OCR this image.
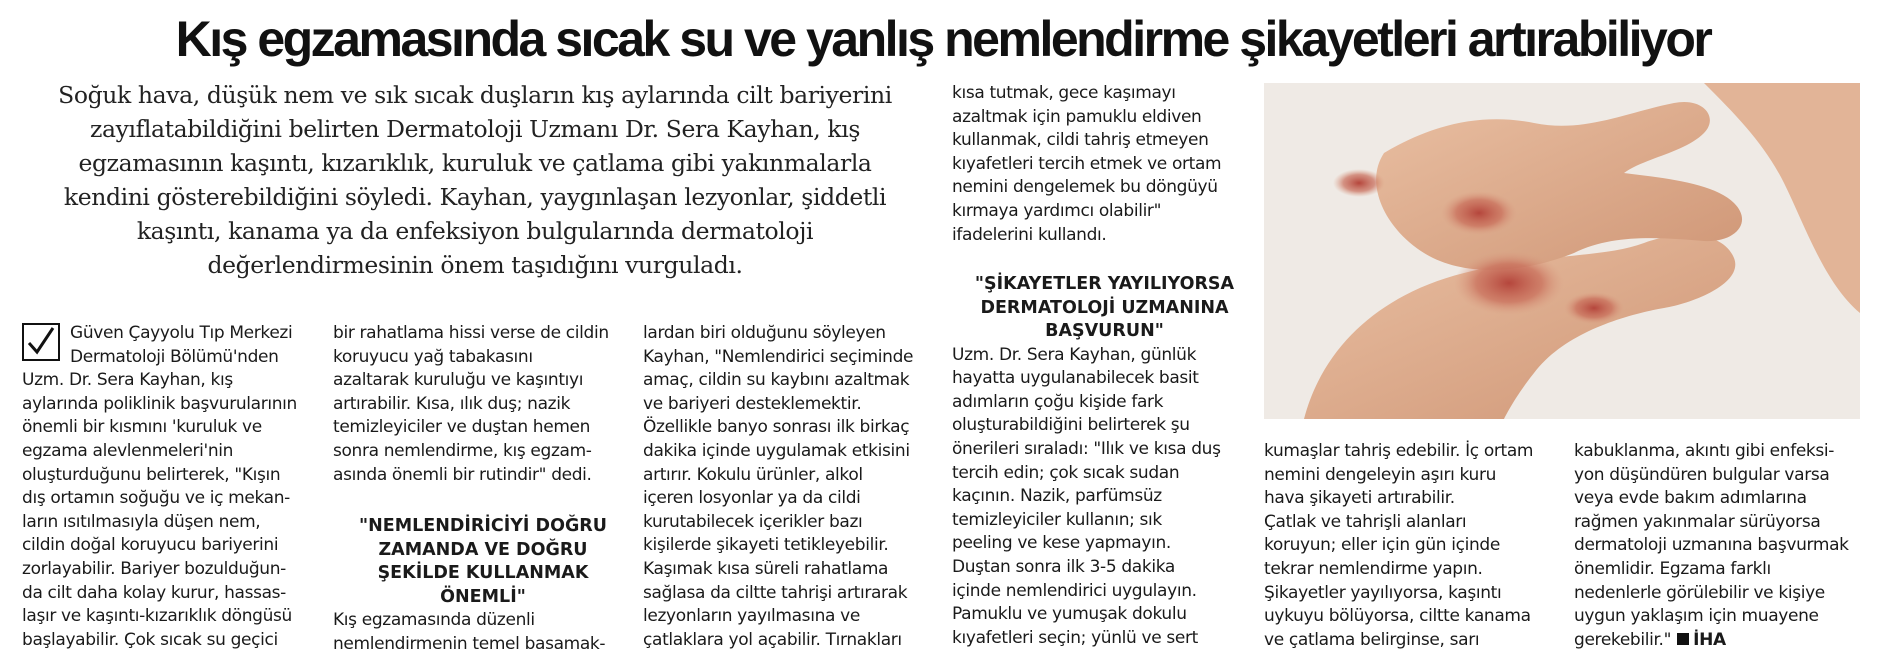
Kış egzamasında sıcak su ve yanlış nemlendirme şikayetleri artırabiliyor
Soğuk hava, düşük nem ve sık sıcak duşların kış aylarında cilt bariyerini zayıflatabildiğini belirten Dermatoloji Uzmanı Dr. Sera Kayhan, kış egzamasının kaşıntı, kızarıklık, kuruluk ve çatlama gibi yakınmalarla kendini gösterebildiğini söyledi. Kayhan, yaygınlaşan lezyonlar, şiddetli kaşıntı, kanama ya da enfeksiyon bulgularında dermatoloji değerlendirmesinin önem taşıdığını vurguladı.

Güven Çayyolu Tıp Merkezi

Dermatoloji Bölümü'nden

Uzm. Dr. Sera Kayhan, kış

aylarında poliklinik başvurularının

önemli bir kısmını 'kuruluk ve

egzama alevlenmeleri'nin

oluşturduğunu belirterek, "Kışın

dış ortamın soğuğu ve iç mekan-

ların ısıtılmasıyla düşen nem,

cildin doğal koruyucu bariyerini

zorlayabilir. Bariyer bozulduğun-

da cilt daha kolay kurur, hassas-

laşır ve kaşıntı-kızarıklık döngüsü

başlayabilir. Çok sıcak su geçici

bir rahatlama hissi verse de cildin

koruyucu yağ tabakasını

azaltarak kuruluğu ve kaşıntıyı

artırabilir. Kısa, ılık duş; nazik

temizleyiciler ve duştan hemen

sonra nemlendirme, kış egzam-

asında önemli bir rutindir" dedi.

"NEMLENDİRİCİYİ DOĞRU

ZAMANDA VE DOĞRU

ŞEKİLDE KULLANMAK

ÖNEMLİ"

Kış egzamasında düzenli

nemlendirmenin temel basamak-

lardan biri olduğunu söyleyen

Kayhan, "Nemlendirici seçiminde

amaç, cildin su kaybını azaltmak

ve bariyeri desteklemektir.

Özellikle banyo sonrası ilk birkaç

dakika içinde uygulamak etkisini

artırır. Kokulu ürünler, alkol

içeren losyonlar ya da cildi

kurutabilecek içerikler bazı

kişilerde şikayeti tetikleyebilir.

Kaşımak kısa süreli rahatlama

sağlasa da ciltte tahrişi artırarak

lezyonların yayılmasına ve

çatlaklara yol açabilir. Tırnakları

kısa tutmak, gece kaşımayı

azaltmak için pamuklu eldiven

kullanmak, cildi tahriş etmeyen

kıyafetleri tercih etmek ve ortam

nemini dengelemek bu döngüyü

kırmaya yardımcı olabilir"

ifadelerini kullandı.

"ŞİKAYETLER YAYILIYORSA

DERMATOLOJİ UZMANINA

BAŞVURUN"

Uzm. Dr. Sera Kayhan, günlük

hayatta uygulanabilecek basit

adımların çoğu kişide fark

oluşturabildiğini belirterek şu

önerileri sıraladı: "Ilık ve kısa duş

tercih edin; çok sıcak sudan

kaçının. Nazik, parfümsüz

temizleyiciler kullanın; sık

peeling ve kese yapmayın.

Duştan sonra ilk 3-5 dakika

içinde nemlendirici uygulayın.

Pamuklu ve yumuşak dokulu

kıyafetleri seçin; yünlü ve sert

kumaşlar tahriş edebilir. İç ortam

nemini dengeleyin aşırı kuru

hava şikayeti artırabilir.

Çatlak ve tahrişli alanları

koruyun; eller için gün içinde

tekrar nemlendirme yapın.

Şikayetler yayılıyorsa, kaşıntı

uykuyu bölüyorsa, ciltte kanama

ve çatlama belirginse, sarı

kabuklanma, akıntı gibi enfeksi-

yon düşündüren bulgular varsa

veya evde bakım adımlarına

rağmen yakınmalar sürüyorsa

dermatoloji uzmanına başvurmak

önemlidir. Egzama farklı

nedenlerle görülebilir ve kişiye

uygun yaklaşım için muayene

gerekebilir." İHA
